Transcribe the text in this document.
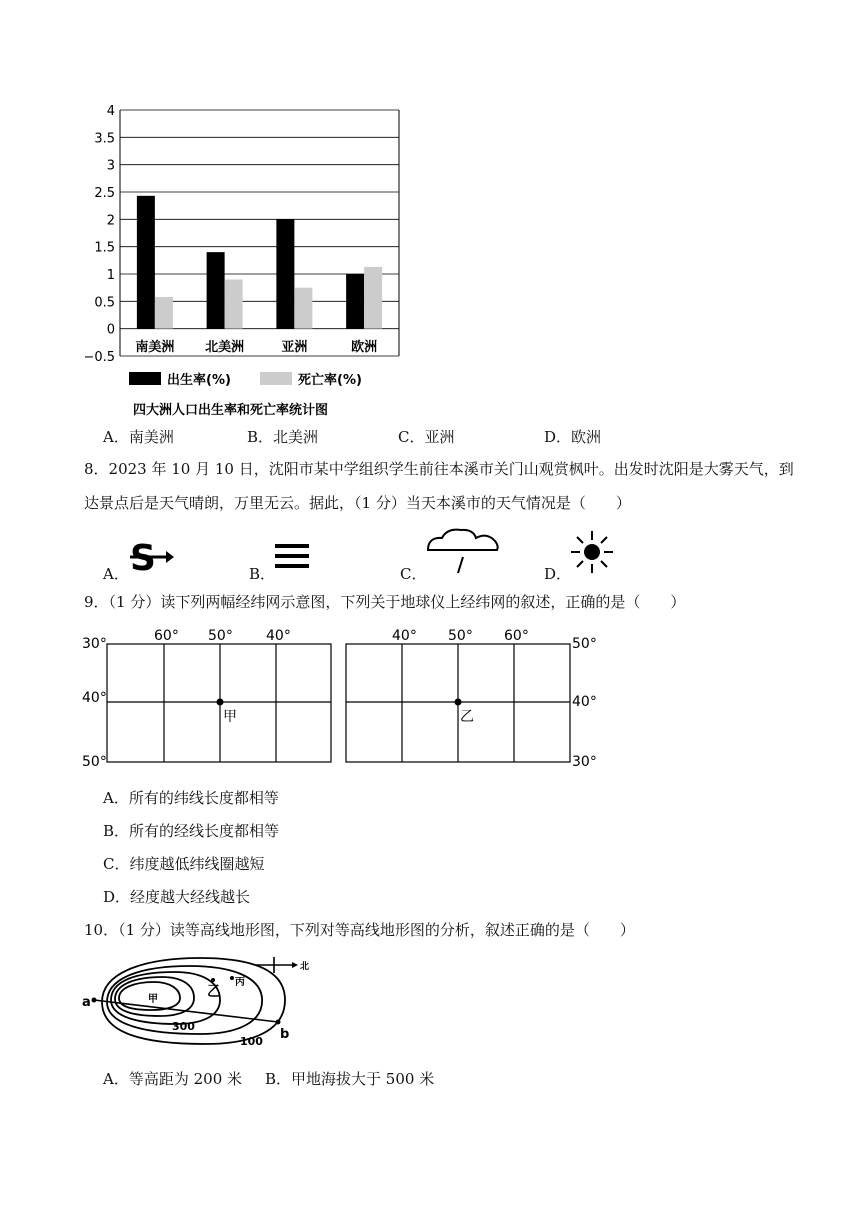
4
3.5
3
2.5
2
1.5
1
0.5
0
−0.5
南美洲 北美洲	亚洲	欧洲
出生率(%)	死亡率(%)
四大洲人口出生率和死亡率统计图
A．南美洲	B．北美洲	C．亚洲	D．欧洲
8．2023 年 10 月 10 日，沈阳市某中学组织学生前往本溪市关门山观赏枫叶。出发时沈阳是大雾天气，到
达景点后是天气晴朗，万里无云。据此，（1 分）当天本溪市的天气情况是（　　）
A． S	B．	C．	D．
9．（1 分）读下列两幅经纬网示意图，下列关于地球仪上经纬网的叙述，正确的是（　　）
60° 50° 40°
30°
40°
50°
甲
40° 50° 60°	50°
40°
30°
乙
A．所有的纬线长度都相等
B．所有的经线长度都相等
C．纬度越低纬线圈越短
D．经度越大经线越长
10．（1 分）读等高线地形图，下列对等高线地形图的分析，叙述正确的是（　　）
北
a
b
甲	乙
丙
300
100
A．等高距为 200 米 B．甲地海拔大于 500 米
